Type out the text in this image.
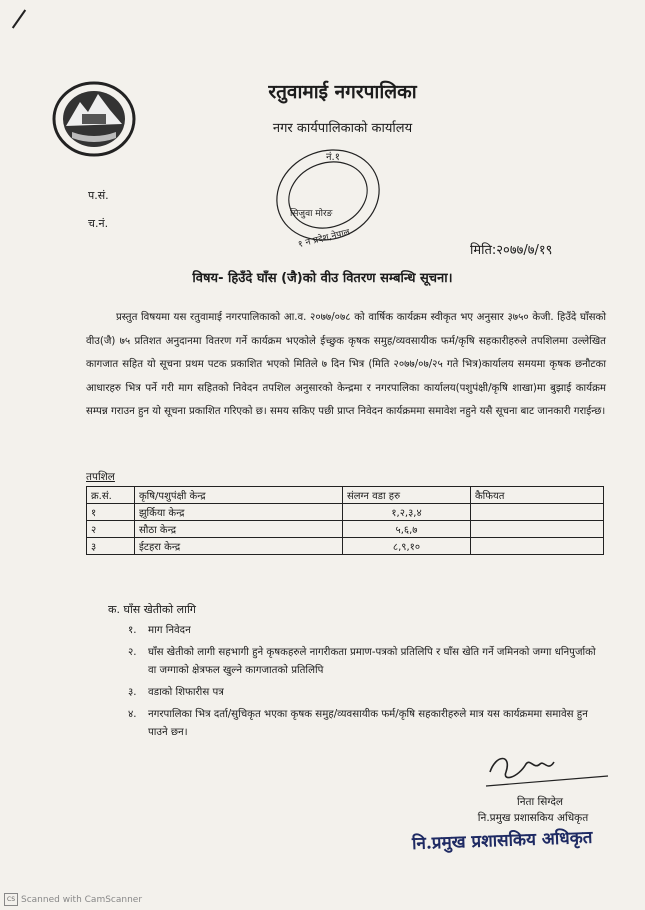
रतुवामाई नगरपालिका
नगर कार्यपालिकाको कार्यालय
नं.१
सिजुवा मोरङ
१ न प्रदेश,नेपाल
प.सं.
च.नं.
मिति:२०७७/७/१९
विषय- हिउँदे घाँस (जै)को वीउ वितरण सम्बन्धि सूचना।

प्रस्तुत विषयमा यस रतुवामाई नगरपालिकाको आ.व. २०७७/०७८ को वार्षिक कार्यक्रम स्वीकृत भए अनुसार ३७५० केजी. हिउँदे घाँसको वीउ(जै) ७५ प्रतिशत अनुदानमा वितरण गर्ने कार्यक्रम भएकोले ईच्छुक कृषक समुह/व्यवसायीक फर्म/कृषि सहकारीहरुले तपशिलमा उल्लेखित कागजात सहित यो सूचना प्रथम पटक प्रकाशित भएको मितिले ७ दिन भित्र (मिति २०७७/०७/२५ गते भित्र)कार्यालय समयमा कृषक छनौटका आधारहरु भित्र पर्ने गरी माग सहितको निवेदन तपशिल अनुसारको केन्द्रमा र नगरपालिका कार्यालय(पशुपंक्षी/कृषि शाखा)मा बुझाई कार्यक्रम सम्पन्न गराउन हुन यो सूचना प्रकाशित गरिएको छ। समय सकिए पछी प्राप्त निवेदन कार्यक्रममा समावेश नहुने यसै सूचना बाट जानकारी गराईन्छ।

तपशिल
क्र.सं.	कृषि/पशुपंक्षी केन्द्र	संलग्न वडा हरु	कैफियत
१	झुर्किया केन्द्र	१,२,३,४	
२	सौठा केन्द्र	५,६,७	
३	ईटहरा केन्द्र	८,९,१०	
क. घाँस खेतीको लागि
१.	माग निवेदन
२.	घाँस खेतीको लागी सहभागी हुने कृषकहरुले नागरीकता प्रमाण-पत्रको प्रतिलिपि र घाँस खेति गर्ने जमिनको जग्गा धनिपुर्जाको वा जग्गाको क्षेत्रफल खुल्ने कागजातको प्रतिलिपि
३.	वडाको शिफारीस पत्र
४.	नगरपालिका भित्र दर्ता/सुचिकृत भएका कृषक समुह/व्यवसायीक फर्म/कृषि सहकारीहरुले मात्र यस कार्यक्रममा समावेस हुन पाउने छन।
निता सिग्देल
नि.प्रमुख प्रशासकिय अधिकृत
नि.प्रमुख प्रशासकिय अधिकृत
CS Scanned with CamScanner
